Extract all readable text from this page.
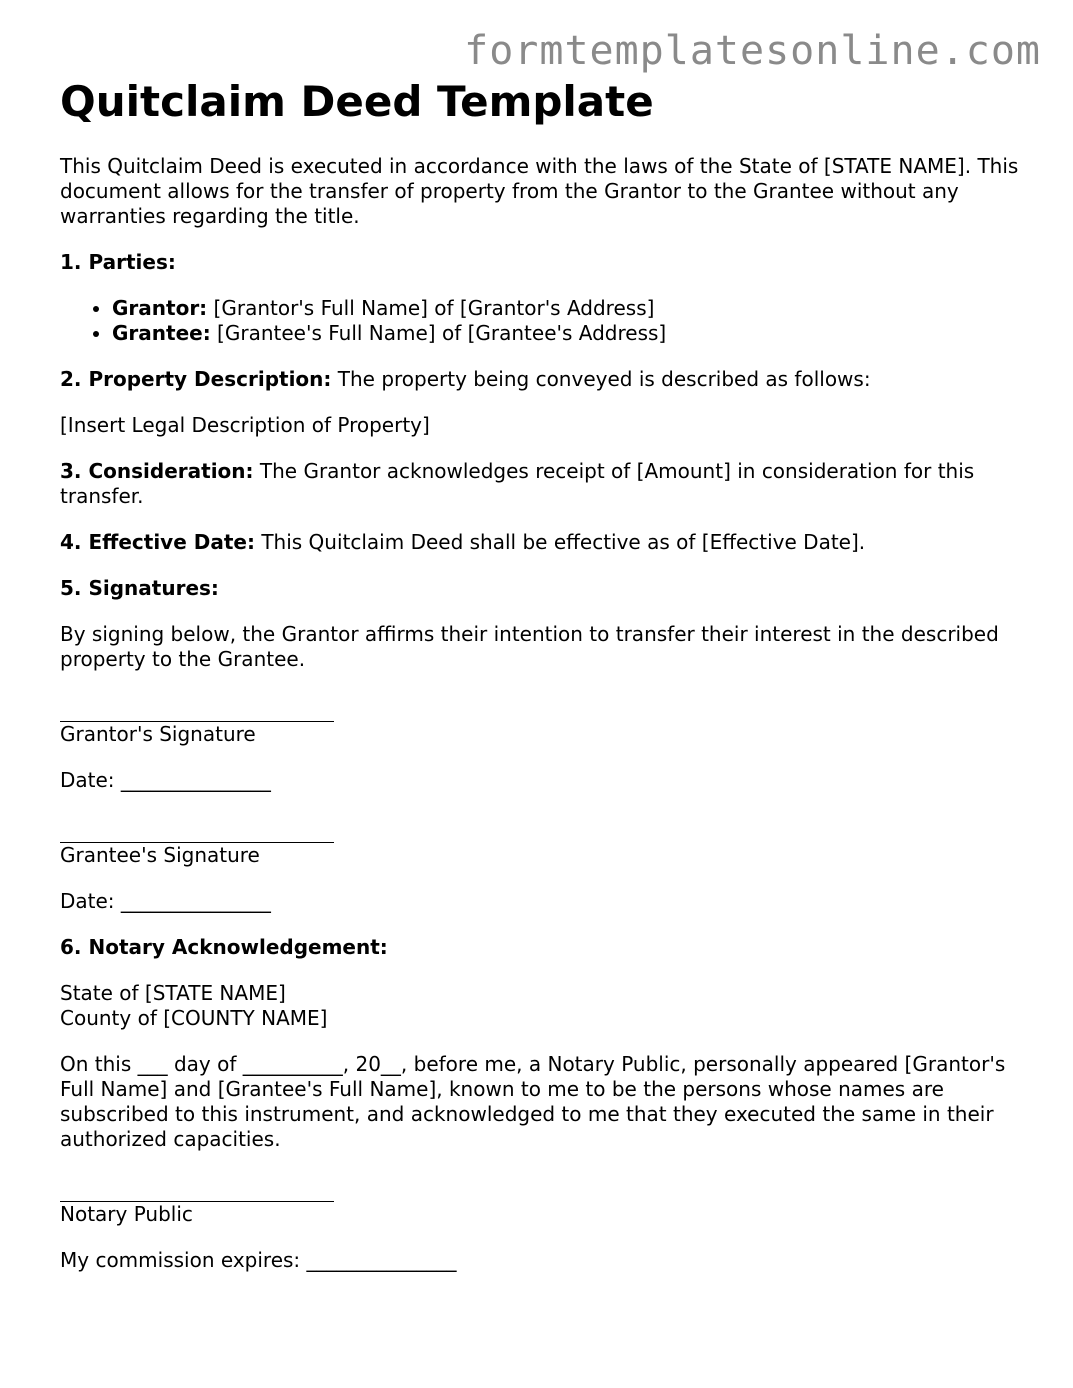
formtemplatesonline.com
Quitclaim Deed Template

This Quitclaim Deed is executed in accordance with the laws of the State of [STATE NAME]. This document allows for the transfer of property from the Grantor to the Grantee without any warranties regarding the title.

1. Parties:

• Grantor: [Grantor's Full Name] of [Grantor's Address]
• Grantee: [Grantee's Full Name] of [Grantee's Address]

2. Property Description: The property being conveyed is described as follows:

[Insert Legal Description of Property]

3. Consideration: The Grantor acknowledges receipt of [Amount] in consideration for this transfer.

4. Effective Date: This Quitclaim Deed shall be effective as of [Effective Date].

5. Signatures:

By signing below, the Grantor affirms their intention to transfer their interest in the described property to the Grantee.

Grantor's Signature

Date: _______________

Grantee's Signature

Date: _______________

6. Notary Acknowledgement:

State of [STATE NAME]
County of [COUNTY NAME]

On this ___ day of __________, 20__, before me, a Notary Public, personally appeared [Grantor's Full Name] and [Grantee's Full Name], known to me to be the persons whose names are subscribed to this instrument, and acknowledged to me that they executed the same in their authorized capacities.

Notary Public

My commission expires: _______________
